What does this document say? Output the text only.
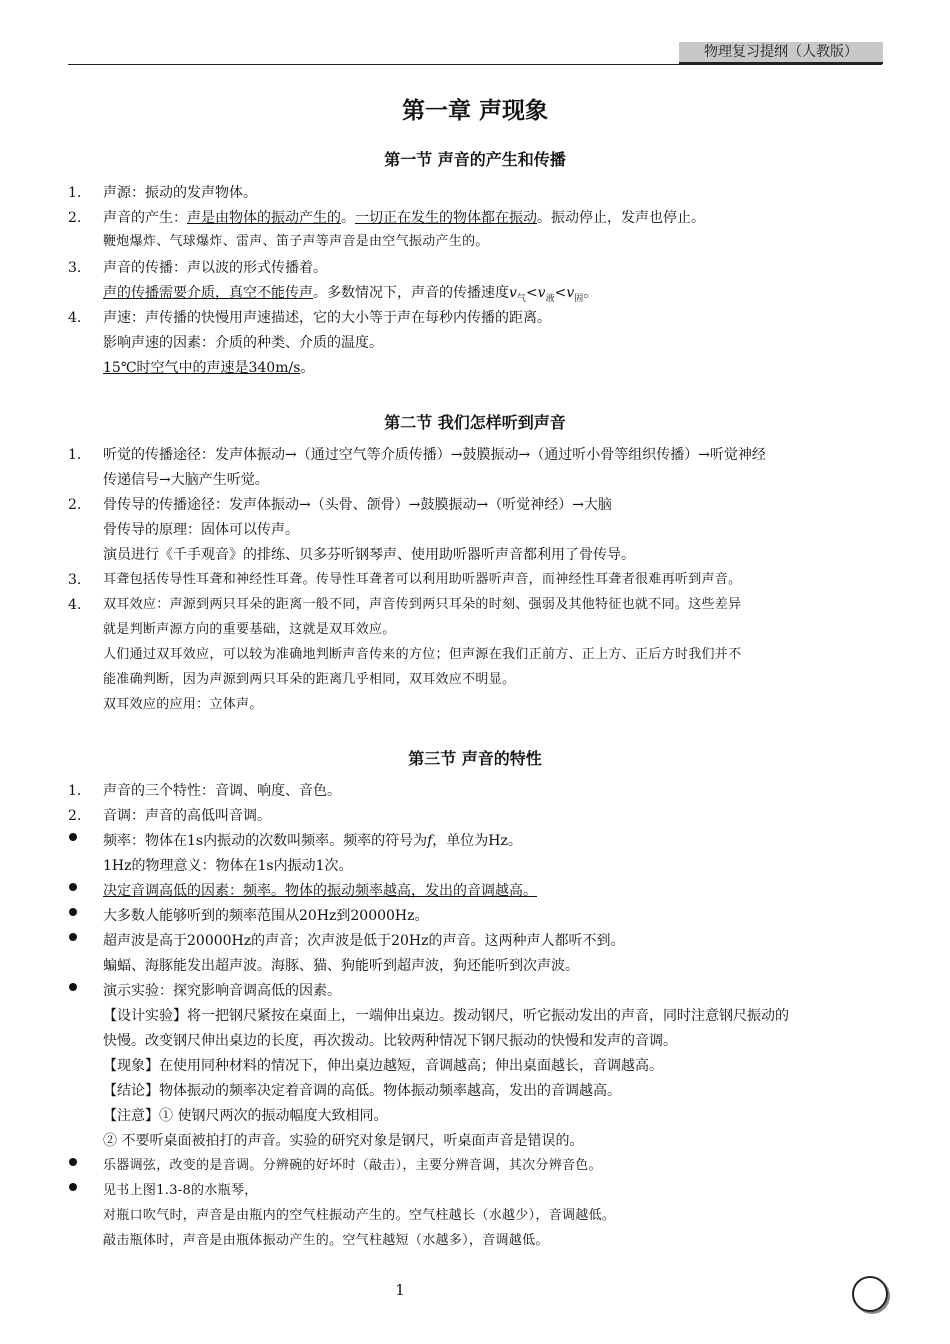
物理复习提纲（人教版）
第一章 声现象
第一节 声音的产生和传播
1. 声源：振动的发声物体。
2. 声音的产生：声是由物体的振动产生的。一切正在发生的物体都在振动。振动停止，发声也停止。
鞭炮爆炸、气球爆炸、雷声、笛子声等声音是由空气振动产生的。
3. 声音的传播：声以波的形式传播着。
声的传播需要介质，真空不能传声。多数情况下，声音的传播速度$v_气<v_液<v_固$。
4. 声速：声传播的快慢用声速描述，它的大小等于声在每秒内传播的距离。
影响声速的因素：介质的种类、介质的温度。
15℃时空气中的声速是340m/s。
第二节 我们怎样听到声音
1. 听觉的传播途径：发声体振动→（通过空气等介质传播）→鼓膜振动→（通过听小骨等组织传播）→听觉神经
传递信号→大脑产生听觉。
2. 骨传导的传播途径：发声体振动→（头骨、颌骨）→鼓膜振动→（听觉神经）→大脑
骨传导的原理：固体可以传声。
演员进行《千手观音》的排练、贝多芬听钢琴声、使用助听器听声音都利用了骨传导。
3. 耳聋包括传导性耳聋和神经性耳聋。传导性耳聋者可以利用助听器听声音，而神经性耳聋者很难再听到声音。
4. 双耳效应：声源到两只耳朵的距离一般不同，声音传到两只耳朵的时刻、强弱及其他特征也就不同。这些差异
就是判断声源方向的重要基础，这就是双耳效应。
人们通过双耳效应，可以较为准确地判断声音传来的方位；但声源在我们正前方、正上方、正后方时我们并不
能准确判断，因为声源到两只耳朵的距离几乎相同，双耳效应不明显。
双耳效应的应用：立体声。
第三节 声音的特性
1. 声音的三个特性：音调、响度、音色。
2. 音调：声音的高低叫音调。
频率：物体在1s内振动的次数叫频率。频率的符号为f，单位为Hz。
1Hz的物理意义：物体在1s内振动1次。
决定音调高低的因素：频率。物体的振动频率越高，发出的音调越高。
大多数人能够听到的频率范围从20Hz到20000Hz。
超声波是高于20000Hz的声音；次声波是低于20Hz的声音。这两种声人都听不到。
蝙蝠、海豚能发出超声波。海豚、猫、狗能听到超声波，狗还能听到次声波。
演示实验：探究影响音调高低的因素。
【设计实验】将一把钢尺紧按在桌面上，一端伸出桌边。拨动钢尺，听它振动发出的声音，同时注意钢尺振动的
快慢。改变钢尺伸出桌边的长度，再次拨动。比较两种情况下钢尺振动的快慢和发声的音调。
【现象】在使用同种材料的情况下，伸出桌边越短，音调越高；伸出桌面越长，音调越高。
【结论】物体振动的频率决定着音调的高低。物体振动频率越高，发出的音调越高。
【注意】① 使钢尺两次的振动幅度大致相同。
② 不要听桌面被拍打的声音。实验的研究对象是钢尺，听桌面声音是错误的。
乐器调弦，改变的是音调。分辨碗的好坏时（敲击），主要分辨音调，其次分辨音色。
见书上图1.3-8的水瓶琴，
对瓶口吹气时，声音是由瓶内的空气柱振动产生的。空气柱越长（水越少），音调越低。
敲击瓶体时，声音是由瓶体振动产生的。空气柱越短（水越多），音调越低。
1
